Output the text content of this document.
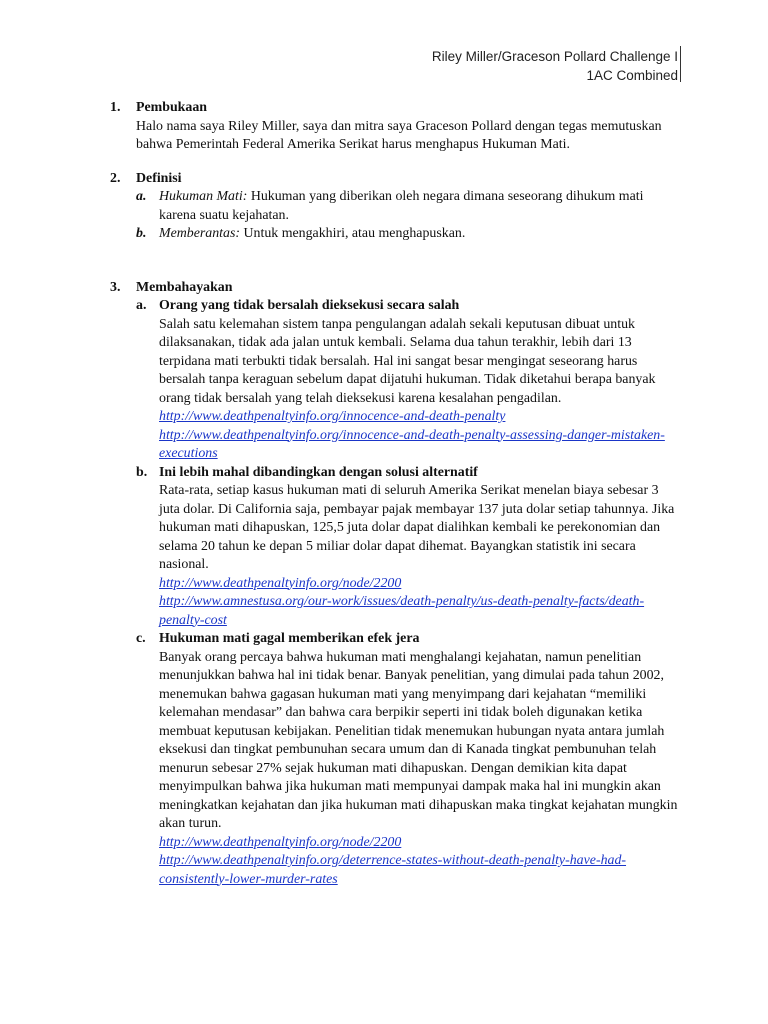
Riley Miller/Graceson Pollard Challenge I
1AC Combined
1. Pembukaan
Halo nama saya Riley Miller, saya dan mitra saya Graceson Pollard dengan tegas memutuskan bahwa Pemerintah Federal Amerika Serikat harus menghapus Hukuman Mati.
2. Definisi
a. Hukuman Mati: Hukuman yang diberikan oleh negara dimana seseorang dihukum mati karena suatu kejahatan.
b. Memberantas: Untuk mengakhiri, atau menghapuskan.
3. Membahayakan
a. Orang yang tidak bersalah dieksekusi secara salah
Salah satu kelemahan sistem tanpa pengulangan adalah sekali keputusan dibuat untuk dilaksanakan, tidak ada jalan untuk kembali. Selama dua tahun terakhir, lebih dari 13 terpidana mati terbukti tidak bersalah. Hal ini sangat besar mengingat seseorang harus bersalah tanpa keraguan sebelum dapat dijatuhi hukuman. Tidak diketahui berapa banyak orang tidak bersalah yang telah dieksekusi karena kesalahan pengadilan.
http://www.deathpenaltyinfo.org/innocence-and-death-penalty
http://www.deathpenaltyinfo.org/innocence-and-death-penalty-assessing-danger-mistaken-executions
b. Ini lebih mahal dibandingkan dengan solusi alternatif
Rata-rata, setiap kasus hukuman mati di seluruh Amerika Serikat menelan biaya sebesar 3 juta dolar. Di California saja, pembayar pajak membayar 137 juta dolar setiap tahunnya. Jika hukuman mati dihapuskan, 125,5 juta dolar dapat dialihkan kembali ke perekonomian dan selama 20 tahun ke depan 5 miliar dolar dapat dihemat. Bayangkan statistik ini secara nasional.
http://www.deathpenaltyinfo.org/node/2200
http://www.amnestusa.org/our-work/issues/death-penalty/us-death-penalty-facts/death-penalty-cost
c. Hukuman mati gagal memberikan efek jera
Banyak orang percaya bahwa hukuman mati menghalangi kejahatan, namun penelitian menunjukkan bahwa hal ini tidak benar. Banyak penelitian, yang dimulai pada tahun 2002, menemukan bahwa gagasan hukuman mati yang menyimpang dari kejahatan “memiliki kelemahan mendasar” dan bahwa cara berpikir seperti ini tidak boleh digunakan ketika membuat keputusan kebijakan. Penelitian tidak menemukan hubungan nyata antara jumlah eksekusi dan tingkat pembunuhan secara umum dan di Kanada tingkat pembunuhan telah menurun sebesar 27% sejak hukuman mati dihapuskan. Dengan demikian kita dapat menyimpulkan bahwa jika hukuman mati mempunyai dampak maka hal ini mungkin akan meningkatkan kejahatan dan jika hukuman mati dihapuskan maka tingkat kejahatan mungkin akan turun.
http://www.deathpenaltyinfo.org/node/2200
http://www.deathpenaltyinfo.org/deterrence-states-without-death-penalty-have-had-consistently-lower-murder-rates
